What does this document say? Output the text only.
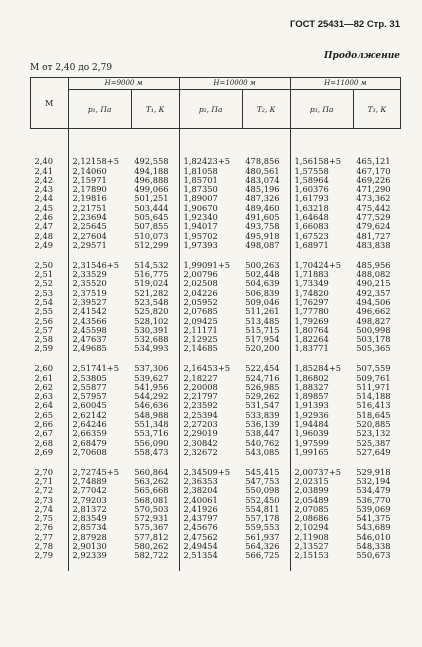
ГОСТ 25431—82 Стр. 31
Продолжение
M от 2,40 до 2,79
M	H=9000 м		H=10000 м		H=11000 м	
	p₁, Па	T₁, К	p₂, Па	T₂, К	p₃, Па	T₃, К

2,40	2,12158+5	492,558	1,82423+5	478,856	1,56158+5	465,121
2,41	2,14060	494,188	1,81058	480,561	1,57558	467,170
2,42	2,15971	496,888	1,85701	483,074	1,58964	469,226
2,43	2,17890	499,066	1,87350	485,196	1,60376	471,290
2,44	2,19816	501,251	1,89007	487,326	1,61793	473,362
2,45	2,21751	503,444	1,90670	489,460	1,63218	475,442
2,46	2,23694	505,645	1,92340	491,605	1,64648	477,529
2,47	2,25645	507,855	1,94017	493,758	1,66083	479,624
2,48	2,27604	510,073	1,95702	495,918	1,67523	481,727
2,49	2,29571	512,299	1,97393	498,087	1,68971	483,838

2,50	2,31546+5	514,532	1,99091+5	500,263	1,70424+5	485,956
2,51	2,33529	516,775	2,00796	502,448	1,71883	488,082
2,52	2,35520	519,024	2,02508	504,639	1,73349	490,215
2,53	2,37519	521,282	2,04226	506,839	1,74820	492,357
2,54	2,39527	523,548	2,05952	509,046	1,76297	494,506
2,55	2,41542	525,820	2,07685	511,261	1,77780	496,662
2,56	2,43566	528,102	2,09425	513,485	1,79269	498,827
2,57	2,45598	530,391	2,11171	515,715	1,80764	500,998
2,58	2,47637	532,688	2,12925	517,954	1,82264	503,178
2,59	2,49685	534,993	2,14685	520,200	1,83771	505,365

2,60	2,51741+5	537,306	2,16453+5	522,454	1,85284+5	507,559
2,61	2,53805	539,627	2,18227	524,716	1,86802	509,761
2,62	2,55877	541,956	2,20008	526,985	1,88327	511,971
2,63	2,57957	544,292	2,21797	529,262	1,89857	514,188
2,64	2,60045	546,636	2,23592	531,547	1,91393	516,413
2,65	2,62142	548,988	2,25394	533,839	1,92936	518,645
2,66	2,64246	551,348	2,27203	536,139	1,94484	520,885
2,67	2,66359	553,716	2,29019	538,447	1,96039	523,132
2,68	2,68479	556,090	2,30842	540,762	1,97599	525,387
2,69	2,70608	558,473	2,32672	543,085	1,99165	527,649

2,70	2,72745+5	560,864	2,34509+5	545,415	2,00737+5	529,918
2,71	2,74889	563,262	2,36353	547,753	2,02315	532,194
2,72	2,77042	565,668	2,38204	550,098	2,03899	534,479
2,73	2,79203	568,081	2,40061	552,450	2,05489	536,770
2,74	2,81372	570,503	2,41926	554,811	2,07085	539,069
2,75	2,83549	572,931	2,43797	557,178	2,08686	541,375
2,76	2,85734	575,367	2,45676	559,553	2,10294	543,689
2,77	2,87928	577,812	2,47562	561,937	2,11908	546,010
2,78	2,90130	580,262	2,49454	564,326	2,13527	548,338
2,79	2,92339	582,722	2,51354	566,725	2,15153	550,673
